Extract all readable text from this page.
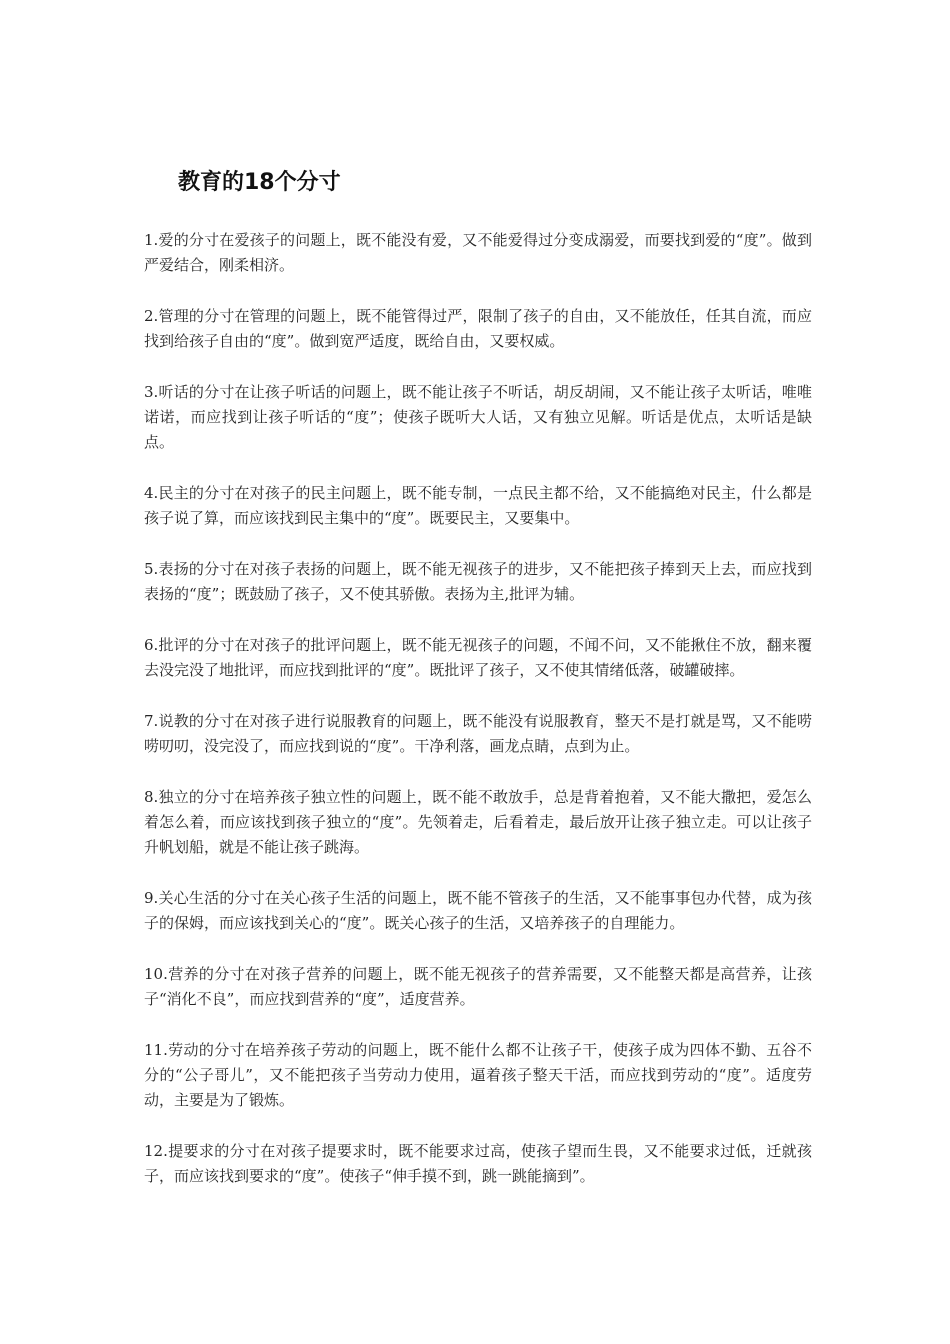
教育的18个分寸

1.爱的分寸在爱孩子的问题上，既不能没有爱，又不能爱得过分变成溺爱，而要找到爱的“度”。做到严爱结合，刚柔相济。

2.管理的分寸在管理的问题上，既不能管得过严，限制了孩子的自由，又不能放任，任其自流，而应找到给孩子自由的“度”。做到宽严适度，既给自由，又要权威。

3.听话的分寸在让孩子听话的问题上，既不能让孩子不听话，胡反胡闹，又不能让孩子太听话，唯唯诺诺，而应找到让孩子听话的“度”；使孩子既听大人话，又有独立见解。听话是优点，太听话是缺点。

4.民主的分寸在对孩子的民主问题上，既不能专制，一点民主都不给，又不能搞绝对民主，什么都是孩子说了算，而应该找到民主集中的“度”。既要民主，又要集中。

5.表扬的分寸在对孩子表扬的问题上，既不能无视孩子的进步，又不能把孩子捧到天上去，而应找到表扬的“度”；既鼓励了孩子，又不使其骄傲。表扬为主,批评为辅。

6.批评的分寸在对孩子的批评问题上，既不能无视孩子的问题，不闻不问，又不能揪住不放，翻来覆去没完没了地批评，而应找到批评的“度”。既批评了孩子，又不使其情绪低落，破罐破摔。

7.说教的分寸在对孩子进行说服教育的问题上，既不能没有说服教育，整天不是打就是骂，又不能唠唠叨叨，没完没了，而应找到说的“度”。干净利落，画龙点睛，点到为止。

8.独立的分寸在培养孩子独立性的问题上，既不能不敢放手，总是背着抱着，又不能大撒把，爱怎么着怎么着，而应该找到孩子独立的“度”。先领着走，后看着走，最后放开让孩子独立走。可以让孩子升帆划船，就是不能让孩子跳海。

9.关心生活的分寸在关心孩子生活的问题上，既不能不管孩子的生活，又不能事事包办代替，成为孩子的保姆，而应该找到关心的“度”。既关心孩子的生活，又培养孩子的自理能力。

10.营养的分寸在对孩子营养的问题上，既不能无视孩子的营养需要，又不能整天都是高营养，让孩子“消化不良”，而应找到营养的“度”，适度营养。

11.劳动的分寸在培养孩子劳动的问题上，既不能什么都不让孩子干，使孩子成为四体不勤、五谷不分的“公子哥儿”，又不能把孩子当劳动力使用，逼着孩子整天干活，而应找到劳动的“度”。适度劳动，主要是为了锻炼。

12.提要求的分寸在对孩子提要求时，既不能要求过高，使孩子望而生畏，又不能要求过低，迁就孩子，而应该找到要求的“度”。使孩子“伸手摸不到，跳一跳能摘到”。
